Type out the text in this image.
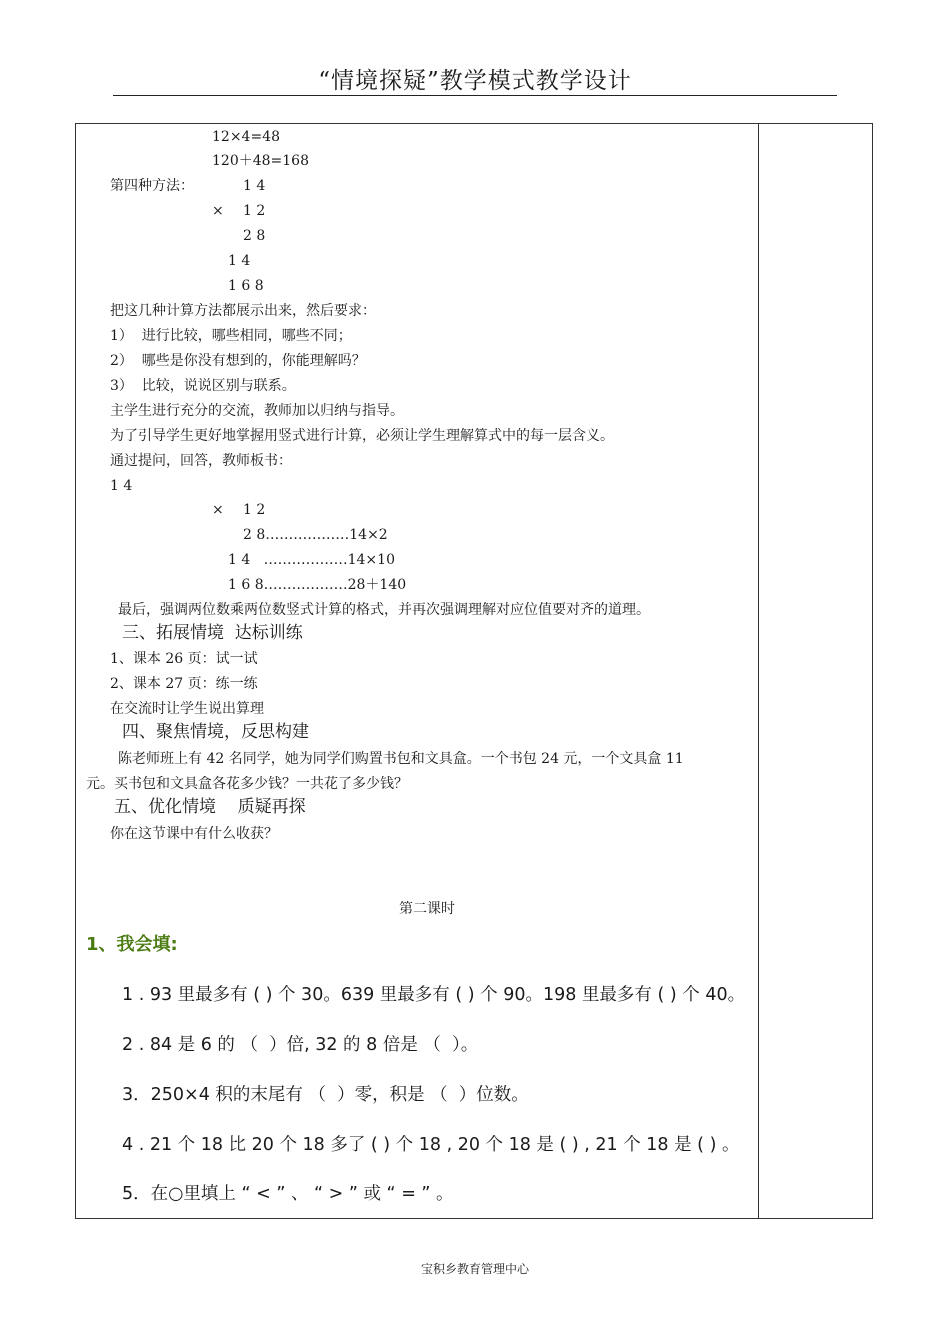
“情境探疑”教学模式教学设计
12×4=48
120＋48=168
第四种方法：	1 4
× 1 2
2 8
1 4
1 6 8
把这几种计算方法都展示出来，然后要求：
1）  进行比较，哪些相同，哪些不同；
2）  哪些是你没有想到的，你能理解吗？
3）  比较，说说区别与联系。
主学生进行充分的交流，教师加以归纳与指导。
为了引导学生更好地掌握用竖式进行计算，必须让学生理解算式中的每一层含义。
通过提问，回答，教师板书：
1 4
× 1 2
2 8………………14×2
1 4   ………………14×10
1 6 8………………28＋140
最后，强调两位数乘两位数竖式计算的格式，并再次强调理解对应位值要对齐的道理。
三、拓展情境  达标训练
1、课本 26 页：试一试
2、课本 27 页：练一练
在交流时让学生说出算理
四、聚焦情境，反思构建
陈老师班上有 42 名同学，她为同学们购置书包和文具盒。一个书包 24 元，一个文具盒 11
元。买书包和文具盒各花多少钱？一共花了多少钱？
五、优化情境    质疑再探
你在这节课中有什么收获？
第二课时
1、我会填:
1 . 93 里最多有 ( ) 个 30。639 里最多有 ( ) 个 90。198 里最多有 ( ) 个 40。
2 . 84 是 6 的 （  ）倍, 32 的 8 倍是 （  ）。
3．250×4 积的末尾有 （  ）零，积是 （  ）位数。
4 . 21 个 18 比 20 个 18 多了 ( ) 个 18 , 20 个 18 是 ( ) , 21 个 18 是 ( ) 。
5．在○里填上 “ < ” 、 “ > ” 或 “ = ” 。
宝积乡教育管理中心
